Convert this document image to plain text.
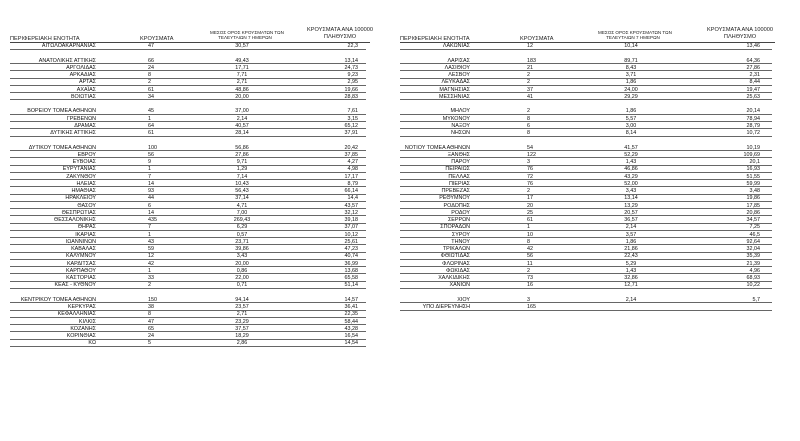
ΠΕΡΙΦΕΡΕΙΑΚΗ ΕΝΟΤΗΤΑ	ΚΡΟΥΣΜΑΤΑ
ΜΕΣΟΣ ΟΡΟΣ ΚΡΟΥΣΜΑΤΩΝ ΤΩΝ
ΤΕΛΕΥΤΑΙΩΝ 7 ΗΜΕΡΩΝ
ΚΡΟΥΣΜΑΤΑ ΑΝΑ 100000
ΠΛΗΘΥΣΜΟ
ΑΙΤΩΛΟΑΚΑΡΝΑΝΙΑΣ	47	30,57	22,3
ΑΝΑΤΟΛΙΚΗΣ ΑΤΤΙΚΗΣ	66	49,43	13,14
ΑΡΓΟΛΙΔΑΣ	24	17,71	24,73
ΑΡΚΑΔΙΑΣ	8	7,71	9,23
ΑΡΤΑΣ	2	2,71	2,95
ΑΧΑΪΑΣ	61	48,86	19,66
ΒΟΙΩΤΙΑΣ	34	20,00	28,83
ΒΟΡΕΙΟΥ ΤΟΜΕΑ ΑΘΗΝΩΝ	45	37,00	7,61
ΓΡΕΒΕΝΩΝ	1	2,14	3,15
ΔΡΑΜΑΣ	64	40,57	65,12
ΔΥΤΙΚΗΣ ΑΤΤΙΚΗΣ	61	28,14	37,91
ΔΥΤΙΚΟΥ ΤΟΜΕΑ ΑΘΗΝΩΝ	100	56,86	20,42
ΕΒΡΟΥ	56	27,86	37,85
ΕΥΒΟΙΑΣ	9	9,71	4,27
ΕΥΡΥΤΑΝΙΑΣ	1	1,29	4,98
ΖΑΚΥΝΘΟΥ	7	7,14	17,17
ΗΛΕΙΑΣ	14	10,43	8,79
ΗΜΑΘΙΑΣ	93	56,43	66,14
ΗΡΑΚΛΕΙΟΥ	44	37,14	14,4
ΘΑΣΟΥ	6	4,71	43,57
ΘΕΣΠΡΩΤΙΑΣ	14	7,00	32,12
ΘΕΣΣΑΛΟΝΙΚΗΣ	435	269,43	39,18
ΘΗΡΑΣ	7	6,29	37,07
ΙΚΑΡΙΑΣ	1	0,57	10,12
ΙΩΑΝΝΙΝΩΝ	43	23,71	25,61
ΚΑΒΑΛΑΣ	59	39,86	47,23
ΚΑΛΥΜΝΟΥ	12	3,43	40,74
ΚΑΡΔΙΤΣΑΣ	42	20,00	36,99
ΚΑΡΠΑΘΟΥ	1	0,86	13,68
ΚΑΣΤΟΡΙΑΣ	33	22,00	65,58
ΚΕΑΣ - ΚΥΘΝΟΥ	2	0,71	51,14
ΚΕΝΤΡΙΚΟΥ ΤΟΜΕΑ ΑΘΗΝΩΝ	150	94,14	14,57
ΚΕΡΚΥΡΑΣ	38	23,57	36,41
ΚΕΦΑΛΛΗΝΙΑΣ	8	2,71	22,35
ΚΙΛΚΙΣ	47	23,29	58,44
ΚΟΖΑΝΗΣ	65	37,57	43,28
ΚΟΡΙΝΘΙΑΣ	24	18,29	16,54
ΚΩ	5	2,86	14,54
ΠΕΡΙΦΕΡΕΙΑΚΗ ΕΝΟΤΗΤΑ	ΚΡΟΥΣΜΑΤΑ
ΜΕΣΟΣ ΟΡΟΣ ΚΡΟΥΣΜΑΤΩΝ ΤΩΝ
ΤΕΛΕΥΤΑΙΩΝ 7 ΗΜΕΡΩΝ
ΚΡΟΥΣΜΑΤΑ ΑΝΑ 100000
ΠΛΗΘΥΣΜΟ
ΛΑΚΩΝΙΑΣ	12	10,14	13,46
ΛΑΡΙΣΑΣ	183	89,71	64,36
ΛΑΣΙΘΙΟΥ	21	8,43	27,86
ΛΕΣΒΟΥ	2	3,71	2,31
ΛΕΥΚΑΔΑΣ	2	1,86	8,44
ΜΑΓΝΗΣΙΑΣ	37	24,00	19,47
ΜΕΣΣΗΝΙΑΣ	41	29,29	25,63
ΜΗΛΟΥ	2	1,86	20,14
ΜΥΚΟΝΟΥ	8	5,57	78,94
ΝΑΞΟΥ	6	3,00	28,79
ΝΗΣΩΝ	8	8,14	10,72
ΝΟΤΙΟΥ ΤΟΜΕΑ ΑΘΗΝΩΝ	54	41,57	10,19
ΞΑΝΘΗΣ	122	52,29	109,69
ΠΑΡΟΥ	3	1,43	20,1
ΠΕΙΡΑΙΩΣ	76	46,86	16,93
ΠΕΛΛΑΣ	72	43,29	51,55
ΠΙΕΡΙΑΣ	76	52,00	59,99
ΠΡΕΒΕΖΑΣ	2	3,43	3,48
ΡΕΘΥΜΝΟΥ	17	13,14	19,86
ΡΟΔΟΠΗΣ	20	13,29	17,85
ΡΟΔΟΥ	25	20,57	20,86
ΣΕΡΡΩΝ	61	36,57	34,57
ΣΠΟΡΑΔΩΝ	1	2,14	7,25
ΣΥΡΟΥ	10	3,57	46,5
ΤΗΝΟΥ	8	1,86	92,64
ΤΡΙΚΑΛΩΝ	42	21,86	32,04
ΦΘΙΩΤΙΔΑΣ	56	22,43	35,39
ΦΛΩΡΙΝΑΣ	11	5,29	21,39
ΦΩΚΙΔΑΣ	2	1,43	4,96
ΧΑΛΚΙΔΙΚΗΣ	73	32,86	68,93
ΧΑΝΙΩΝ	16	12,71	10,22
ΧΙΟΥ	3	2,14	5,7
ΥΠΟ ΔΙΕΡΕΥΝΗΣΗ	165
